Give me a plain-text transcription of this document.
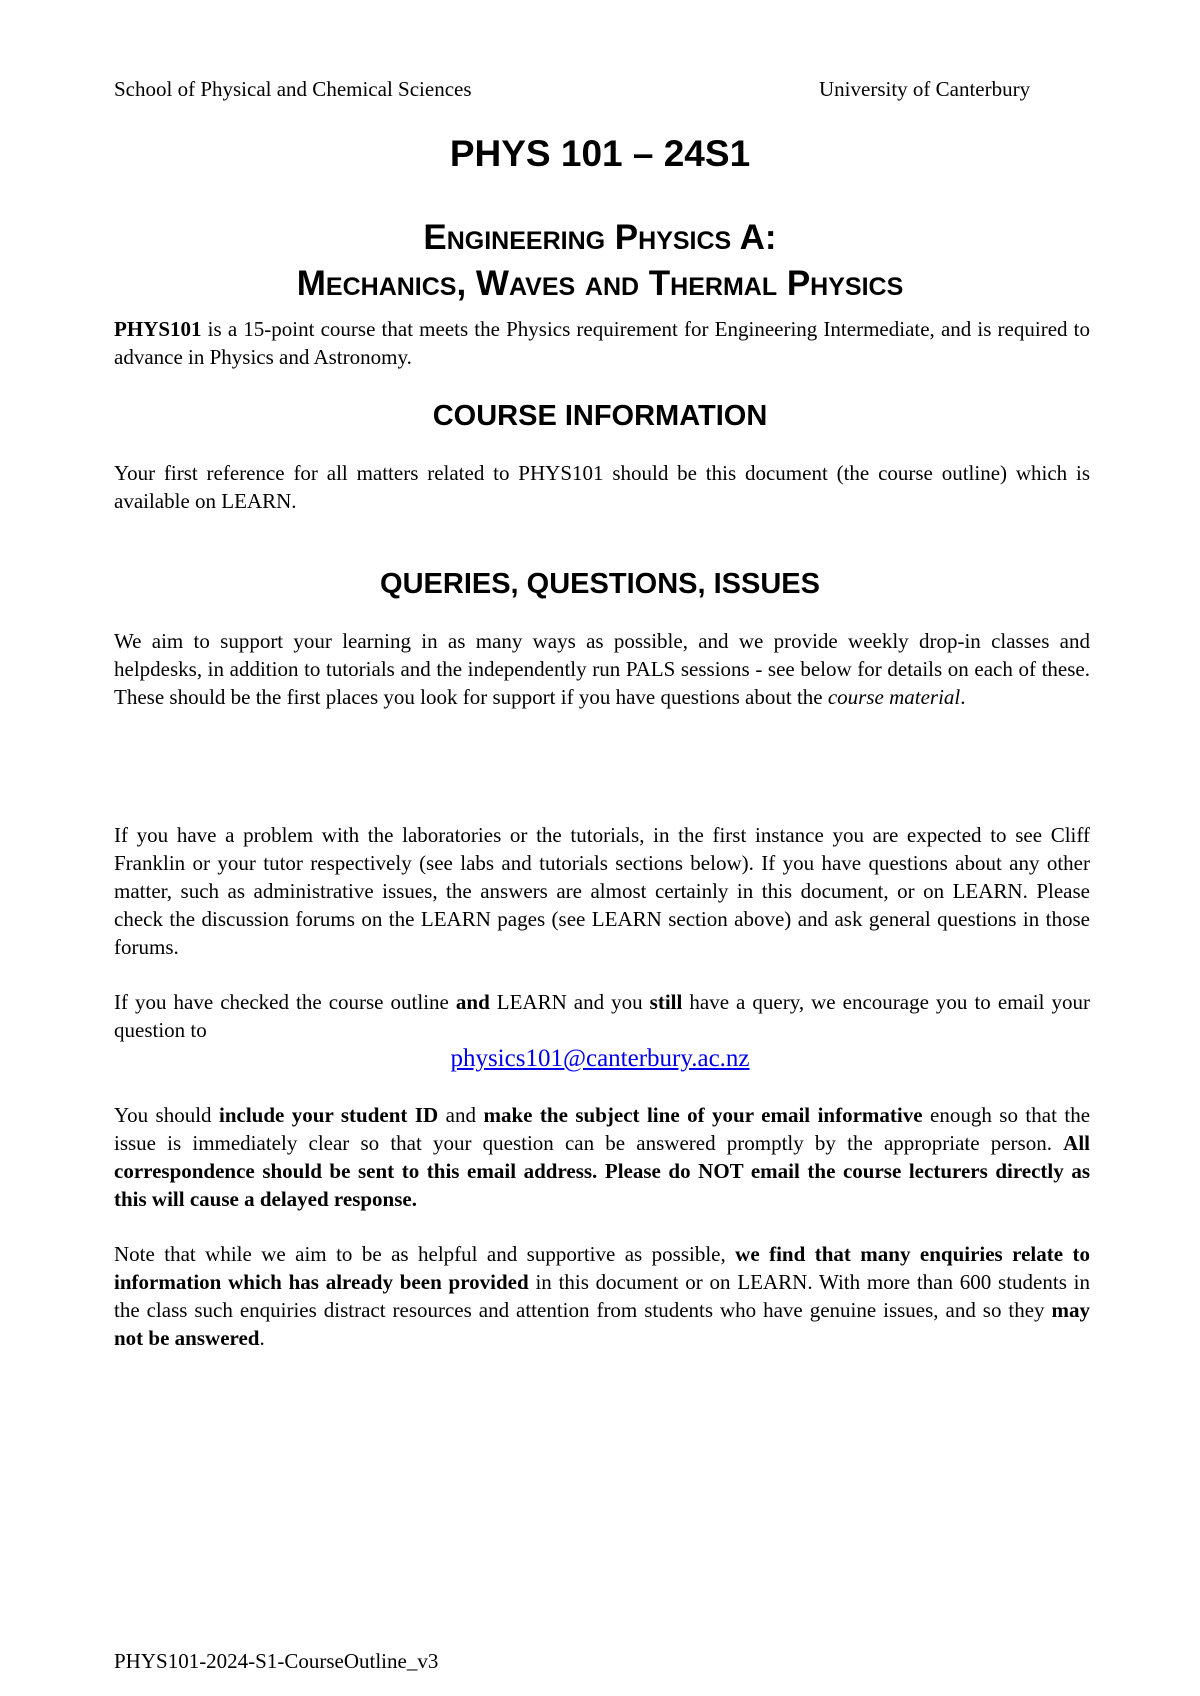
School of Physical and Chemical Sciences	University of Canterbury
PHYS 101 – 24S1
Engineering Physics A:
Mechanics, Waves and Thermal Physics

PHYS101 is a 15-point course that meets the Physics requirement for Engineering Intermediate, and is required to advance in Physics and Astronomy.

COURSE INFORMATION

Your first reference for all matters related to PHYS101 should be this document (the course outline) which is available on LEARN.

QUERIES, QUESTIONS, ISSUES

We aim to support your learning in as many ways as possible, and we provide weekly drop-in classes and helpdesks, in addition to tutorials and the independently run PALS sessions - see below for details on each of these. These should be the first places you look for support if you have questions about the course material.

If you have a problem with the laboratories or the tutorials, in the first instance you are expected to see Cliff Franklin or your tutor respectively (see labs and tutorials sections below). If you have questions about any other matter, such as administrative issues, the answers are almost certainly in this document, or on LEARN. Please check the discussion forums on the LEARN pages (see LEARN section above) and ask general questions in those forums.

If you have checked the course outline and LEARN and you still have a query, we encourage you to email your question to

physics101@canterbury.ac.nz

You should include your student ID and make the subject line of your email informative enough so that the issue is immediately clear so that your question can be answered promptly by the appropriate person. All correspondence should be sent to this email address. Please do NOT email the course lecturers directly as this will cause a delayed response.

Note that while we aim to be as helpful and supportive as possible, we find that many enquiries relate to information which has already been provided in this document or on LEARN. With more than 600 students in the class such enquiries distract resources and attention from students who have genuine issues, and so they may not be answered.

PHYS101-2024-S1-CourseOutline_v3
